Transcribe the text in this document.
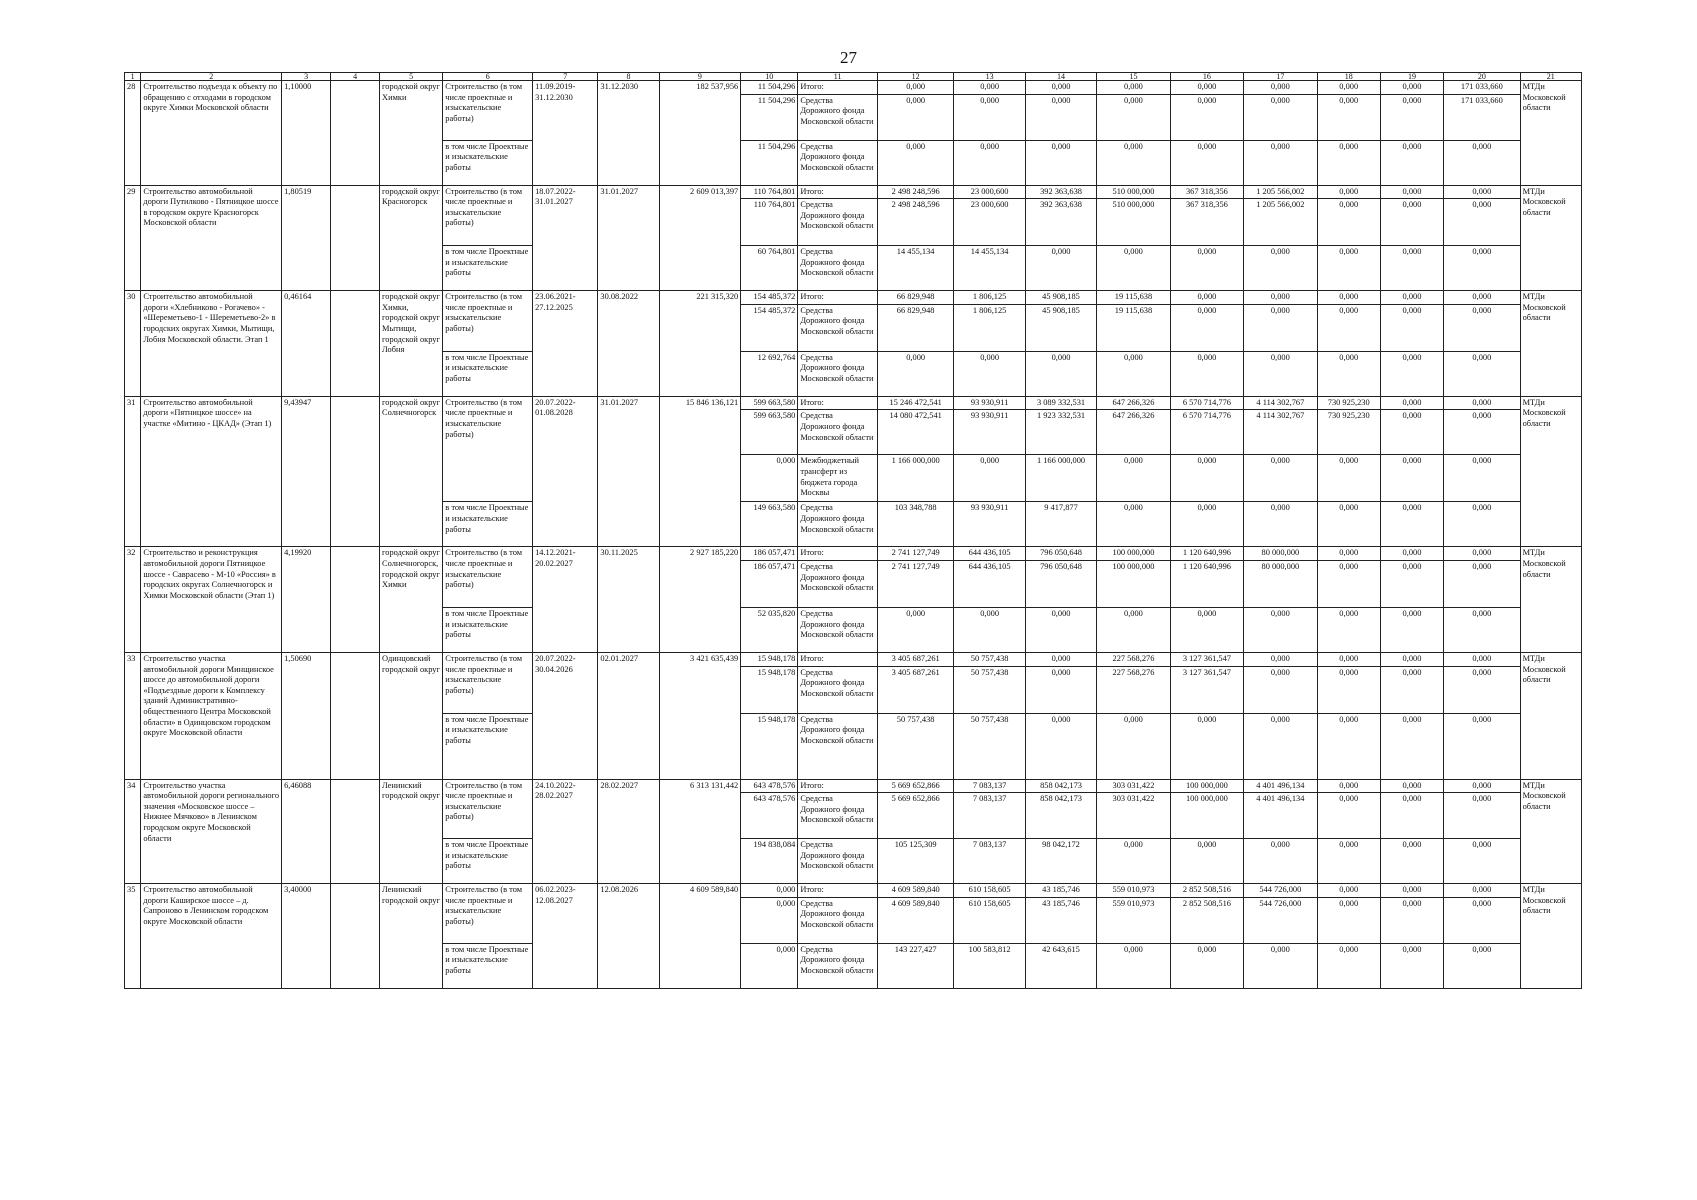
27
1	2	3	4	5	6	7	8	9	10	11	12	13	14	15	16	17	18	19	20	21
28	Строительство подъезда к объекту по обращению с отходами в городском округе Химки Московской области	1,10000		городской округ Химки	Строительство (в том числе проектные и изыскательские работы)	11.09.2019- 31.12.2030	31.12.2030	182 537,956	11 504,296	Итого:	0,000	0,000	0,000	0,000	0,000	0,000	0,000	0,000	171 033,660	МТДи Московской области
									11 504,296	Средства Дорожного фонда Московской области	0,000	0,000	0,000	0,000	0,000	0,000	0,000	0,000	171 033,660	
					в том числе Проектные и изыскательские работы				11 504,296	Средства Дорожного фонда Московской области	0,000	0,000	0,000	0,000	0,000	0,000	0,000	0,000	0,000	
29	Строительство автомобильной дороги Путилково - Пятницкое шоссе в городском округе Красногорск Московской области	1,80519		городской округ Красногорск	Строительство (в том числе проектные и изыскательские работы)	18.07.2022- 31.01.2027	31.01.2027	2 609 013,397	110 764,801	Итого:	2 498 248,596	23 000,600	392 363,638	510 000,000	367 318,356	1 205 566,002	0,000	0,000	0,000	МТДи Московской области
									110 764,801	Средства Дорожного фонда Московской области	2 498 248,596	23 000,600	392 363,638	510 000,000	367 318,356	1 205 566,002	0,000	0,000	0,000	
					в том числе Проектные и изыскательские работы				60 764,801	Средства Дорожного фонда Московской области	14 455,134	14 455,134	0,000	0,000	0,000	0,000	0,000	0,000	0,000	
30	Строительство автомобильной дороги «Хлебниково - Рогачево» - «Шереметьево-1 - Шереметьево-2» в городских округах Химки, Мытищи, Лобня Московской области. Этап 1	0,46164		городской округ Химки, городской округ Мытищи, городской округ Лобня	Строительство (в том числе проектные и изыскательские работы)	23.06.2021- 27.12.2025	30.08.2022	221 315,320	154 485,372	Итого:	66 829,948	1 806,125	45 908,185	19 115,638	0,000	0,000	0,000	0,000	0,000	МТДи Московской области
									154 485,372	Средства Дорожного фонда Московской области	66 829,948	1 806,125	45 908,185	19 115,638	0,000	0,000	0,000	0,000	0,000	
					в том числе Проектные и изыскательские работы				12 692,764	Средства Дорожного фонда Московской области	0,000	0,000	0,000	0,000	0,000	0,000	0,000	0,000	0,000	
31	Строительство автомобильной дороги «Пятницкое шоссе» на участке «Митино - ЦКАД» (Этап 1)	9,43947		городской округ Солнечногорск	Строительство (в том числе проектные и изыскательские работы)	20.07.2022- 01.08.2028	31.01.2027	15 846 136,121	599 663,580	Итого:	15 246 472,541	93 930,911	3 089 332,531	647 266,326	6 570 714,776	4 114 302,767	730 925,230	0,000	0,000	МТДи Московской области
									599 663,580	Средства Дорожного фонда Московской области	14 080 472,541	93 930,911	1 923 332,531	647 266,326	6 570 714,776	4 114 302,767	730 925,230	0,000	0,000	
									0,000	Межбюджетный трансферт из бюджета города Москвы	1 166 000,000	0,000	1 166 000,000	0,000	0,000	0,000	0,000	0,000	0,000	
					в том числе Проектные и изыскательские работы				149 663,580	Средства Дорожного фонда Московской области	103 348,788	93 930,911	9 417,877	0,000	0,000	0,000	0,000	0,000	0,000	
32	Строительство и реконструкция автомобильной дороги Пятницкое шоссе - Саврасево - М-10 «Россия» в городских округах Солнечногорск и Химки Московской области (Этап 1)	4,19920		городской округ Солнечногорск, городской округ Химки	Строительство (в том числе проектные и изыскательские работы)	14.12.2021- 20.02.2027	30.11.2025	2 927 185,220	186 057,471	Итого:	2 741 127,749	644 436,105	796 050,648	100 000,000	1 120 640,996	80 000,000	0,000	0,000	0,000	МТДи Московской области
									186 057,471	Средства Дорожного фонда Московской области	2 741 127,749	644 436,105	796 050,648	100 000,000	1 120 640,996	80 000,000	0,000	0,000	0,000	
					в том числе Проектные и изыскательские работы				52 035,820	Средства Дорожного фонда Московской области	0,000	0,000	0,000	0,000	0,000	0,000	0,000	0,000	0,000	
33	Строительство участка автомобильной дороги Минщинское шоссе до автомобильной дороги «Подъездные дороги к Комплексу зданий Административно-общественного Центра Московской области» в Одинцовском городском округе Московской области	1,50690		Одинцовский городской округ	Строительство (в том числе проектные и изыскательские работы)	20.07.2022- 30.04.2026	02.01.2027	3 421 635,439	15 948,178	Итого:	3 405 687,261	50 757,438	0,000	227 568,276	3 127 361,547	0,000	0,000	0,000	0,000	МТДи Московской области
									15 948,178	Средства Дорожного фонда Московской области	3 405 687,261	50 757,438	0,000	227 568,276	3 127 361,547	0,000	0,000	0,000	0,000	
					в том числе Проектные и изыскательские работы				15 948,178	Средства Дорожного фонда Московской области	50 757,438	50 757,438	0,000	0,000	0,000	0,000	0,000	0,000	0,000	
34	Строительство участка автомобильной дороги регионального значения «Московское шоссе – Нижнее Мячково» в Ленинском городском округе Московской области	6,46088		Ленинский городской округ	Строительство (в том числе проектные и изыскательские работы)	24.10.2022- 28.02.2027	28.02.2027	6 313 131,442	643 478,576	Итого:	5 669 652,866	7 083,137	858 042,173	303 031,422	100 000,000	4 401 496,134	0,000	0,000	0,000	МТДи Московской области
									643 478,576	Средства Дорожного фонда Московской области	5 669 652,866	7 083,137	858 042,173	303 031,422	100 000,000	4 401 496,134	0,000	0,000	0,000	
					в том числе Проектные и изыскательские работы				194 838,084	Средства Дорожного фонда Московской области	105 125,309	7 083,137	98 042,172	0,000	0,000	0,000	0,000	0,000	0,000	
35	Строительство автомобильной дороги Каширское шоссе – д. Сапроново в Ленинском городском округе Московской области	3,40000		Ленинский городской округ	Строительство (в том числе проектные и изыскательские работы)	06.02.2023- 12.08.2027	12.08.2026	4 609 589,840	0,000	Итого:	4 609 589,840	610 158,605	43 185,746	559 010,973	2 852 508,516	544 726,000	0,000	0,000	0,000	МТДи Московской области
									0,000	Средства Дорожного фонда Московской области	4 609 589,840	610 158,605	43 185,746	559 010,973	2 852 508,516	544 726,000	0,000	0,000	0,000	
					в том числе Проектные и изыскательские работы				0,000	Средства Дорожного фонда Московской области	143 227,427	100 583,812	42 643,615	0,000	0,000	0,000	0,000	0,000	0,000	
